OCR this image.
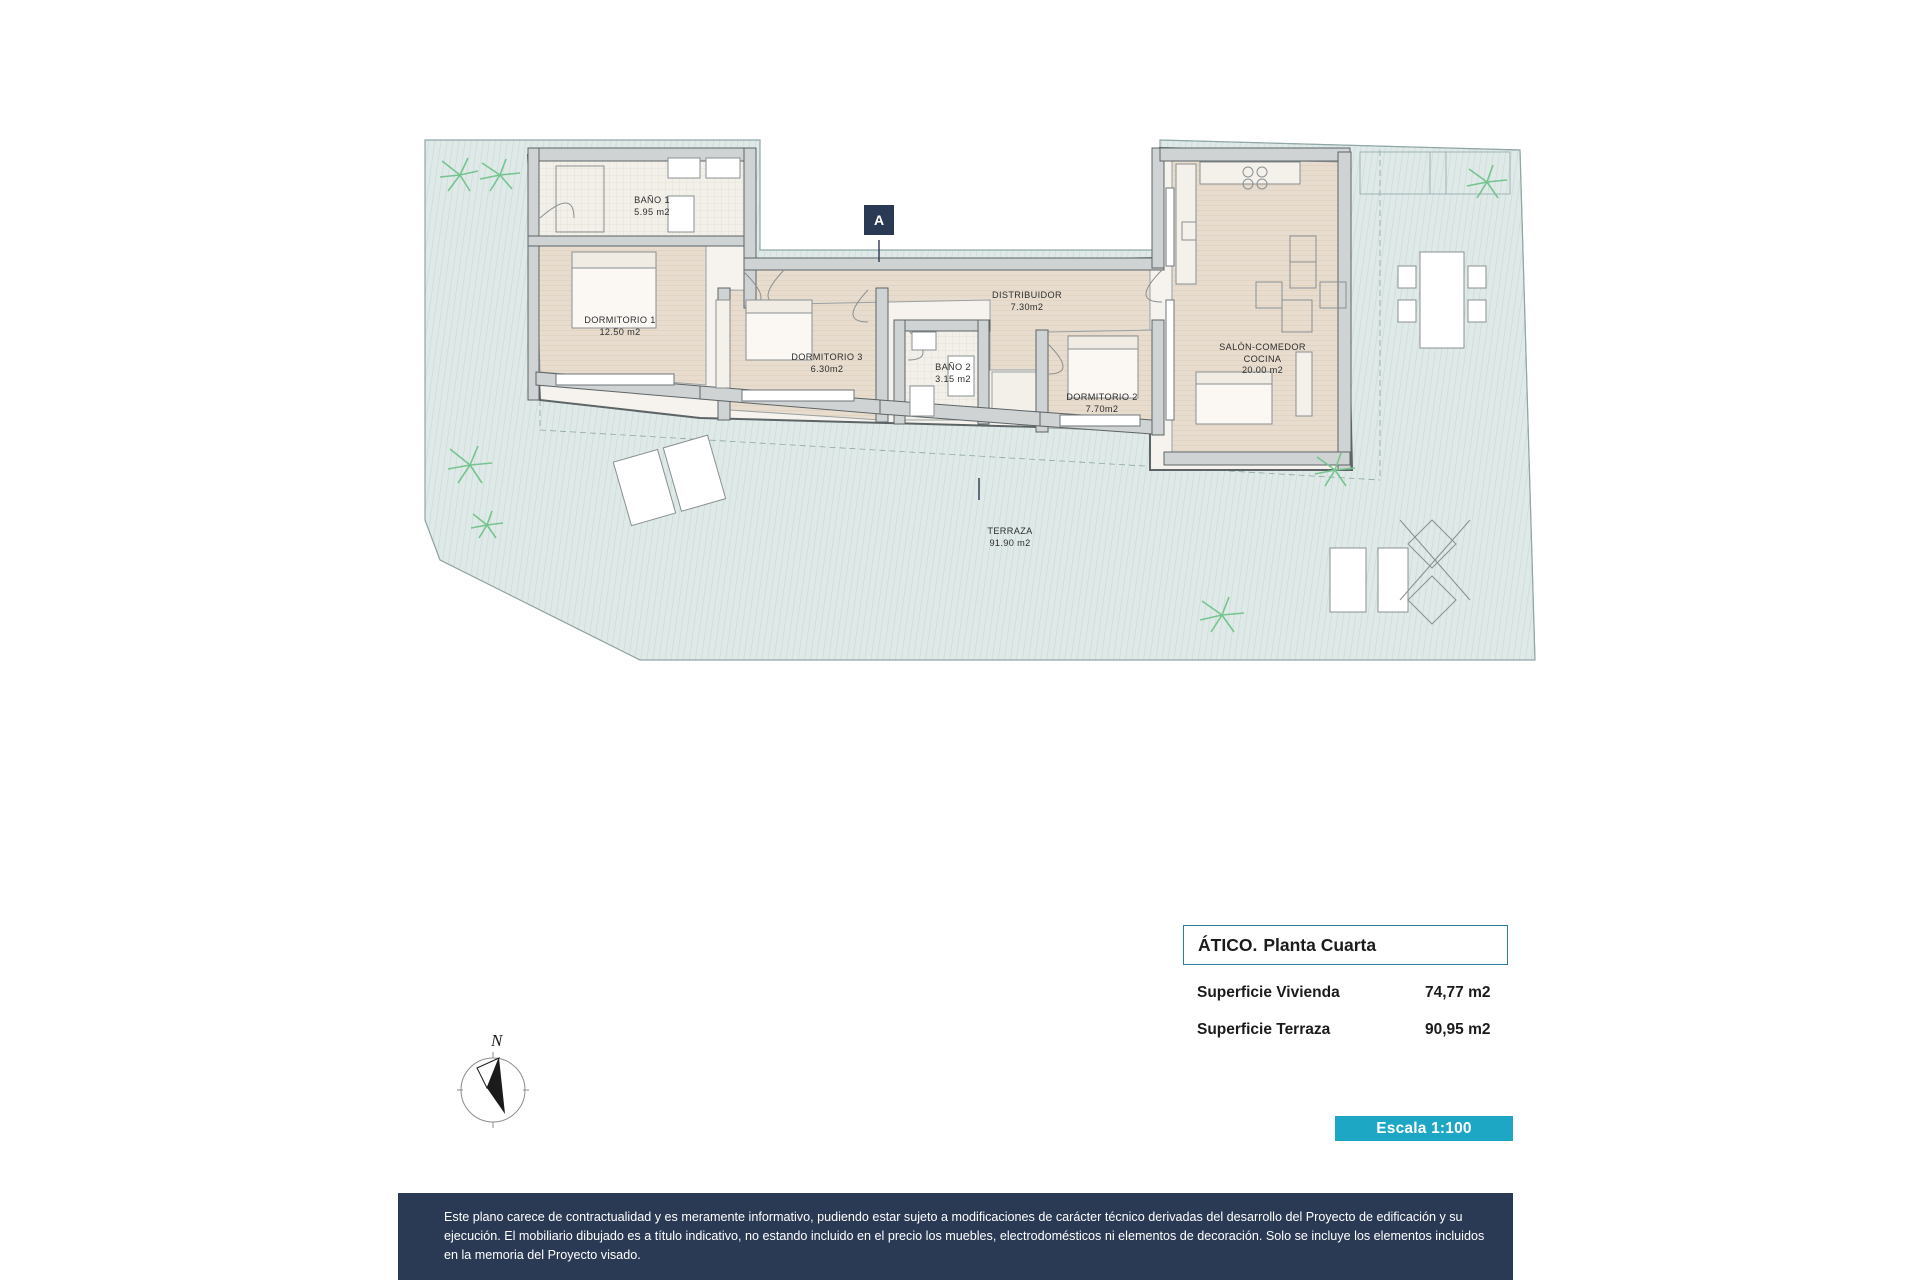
A
BAÑO 1
5.95 m2
DORMITORIO 1
12.50 m2
DORMITORIO 3
6.30m2	BAÑO 2
3.15 m2
DISTRIBUIDOR
7.30m2
DORMITORIO 2
7.70m2
SALÓN-COMEDOR
COCINA
20.00 m2
TERRAZA
91.90 m2
N
ÁTICO. Planta Cuarta
Superficie Vivienda	74,77 m2
Superficie Terraza	90,95 m2
Escala 1:100

Este plano carece de contractualidad y es meramente informativo, pudiendo estar sujeto a modificaciones de carácter técnico derivadas del desarrollo del Proyecto de edificación y su ejecución. El mobiliario dibujado es a título indicativo, no estando incluido en el precio los muebles, electrodomésticos ni elementos de decoración. Solo se incluye los elementos incluidos en la memoria del Proyecto visado.
